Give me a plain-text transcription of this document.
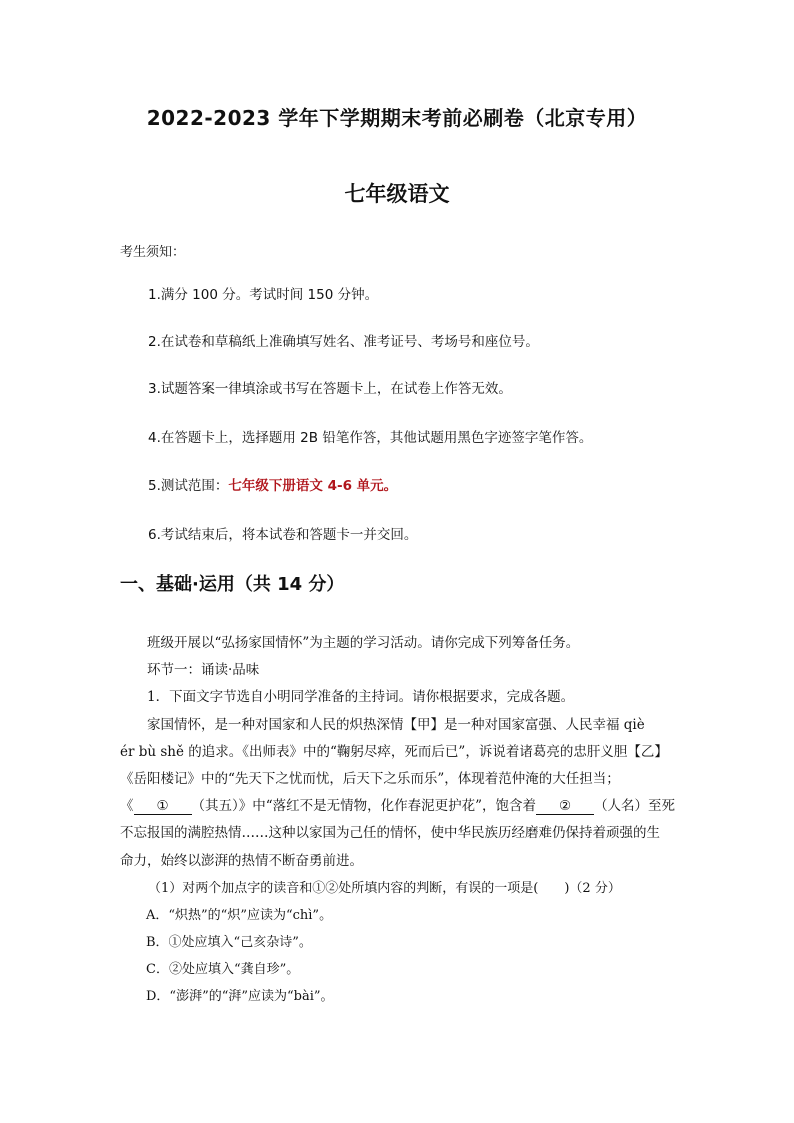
2022-2023 学年下学期期末考前必刷卷（北京专用）
七年级语文
考生须知：
1.满分 100 分。考试时间 150 分钟。
2.在试卷和草稿纸上准确填写姓名、准考证号、考场号和座位号。
3.试题答案一律填涂或书写在答题卡上，在试卷上作答无效。
4.在答题卡上，选择题用 2B 铅笔作答，其他试题用黑色字迹签字笔作答。
5.测试范围：七年级下册语文 4-6 单元。
6.考试结束后，将本试卷和答题卡一并交回。
一、基础·运用（共 14 分）
班级开展以“弘扬家国情怀”为主题的学习活动。请你完成下列筹备任务。
环节一：诵读·品味
1．下面文字节选自小明同学准备的主持词。请你根据要求，完成各题。
家国情怀，是一种对国家和人民的炽热深情【甲】是一种对国家富强、人民幸福 qiè
ér bù shě 的追求。《出师表》中的“鞠躬尽瘁，死而后已”，诉说着诸葛亮的忠肝义胆【乙】
《岳阳楼记》中的“先天下之忧而忧，后天下之乐而乐”，体现着范仲淹的大任担当；
《 ① （其五）》中“落红不是无情物，化作春泥更护花”，饱含着 ② （人名）至死
不忘报国的满腔热情……这种以家国为己任的情怀，使中华民族历经磨难仍保持着顽强的生
命力，始终以澎湃的热情不断奋勇前进。
（1）对两个加点字的读音和①②处所填内容的判断，有误的一项是(　　)（2 分）
A．“炽热”的“炽”应读为“chì”。
B．①处应填入“己亥杂诗”。
C．②处应填入“龚自珍”。
D．“澎湃”的“湃”应读为“bài”。
